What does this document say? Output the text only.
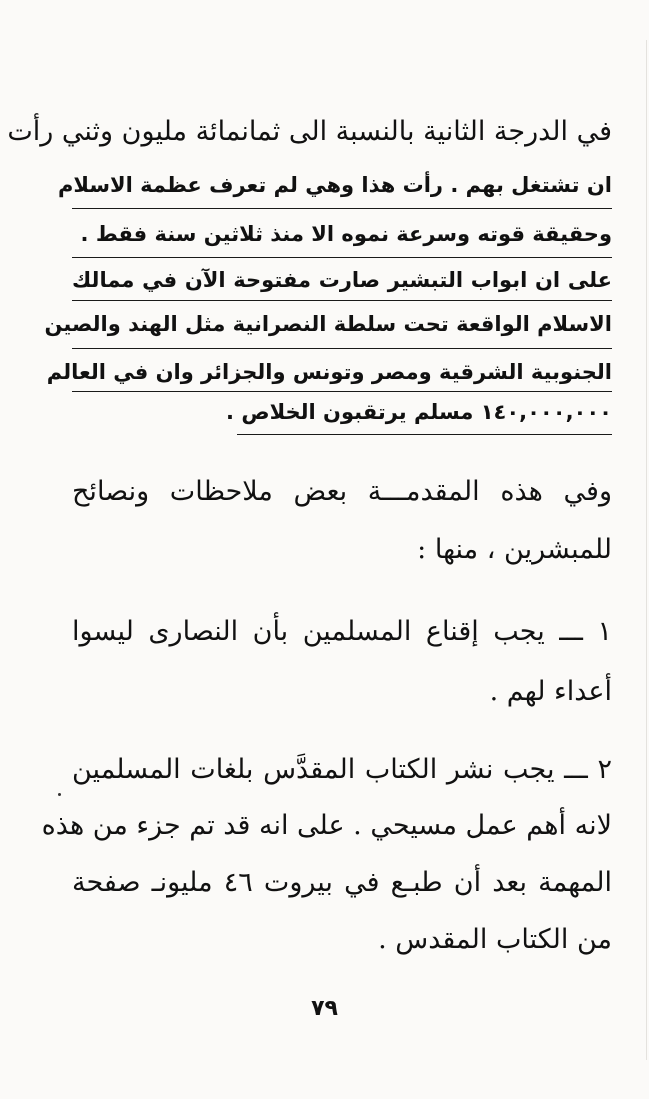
في الدرجة الثانية بالنسبة الى ثمانمائة مليون وثني رأت
ان تشتغل بهم . رأت هذا وهي لم تعرف عظمة الاسلام
وحقيقة قوته وسرعة نموه الا منذ ثلاثين سنة فقط .
على ان ابواب التبشير صارت مفتوحة الآن في ممالك
الاسلام الواقعة تحت سلطة النصرانية مثل الهند والصين
الجنوبية الشرقية ومصر وتونس والجزائر وان في العالم
١٤٠,٠٠٠,٠٠٠ مسلم يرتقبون الخلاص .
وفي هذه المقدمـــة بعض ملاحظات ونصائح
للمبشرين ، منها :
١ ـــ يجب إقناع المسلمين بأن النصارى ليسوا
أعداء لهم .
٢ ـــ يجب نشر الكتاب المقدَّس بلغات المسلمين
لانه أهم عمل مسيحي . على انه قد تم جزء من هذه
المهمة بعد أن طبـع في بيروت ٤٦ مليونـ صفحة
من الكتاب المقدس .
٧٩
